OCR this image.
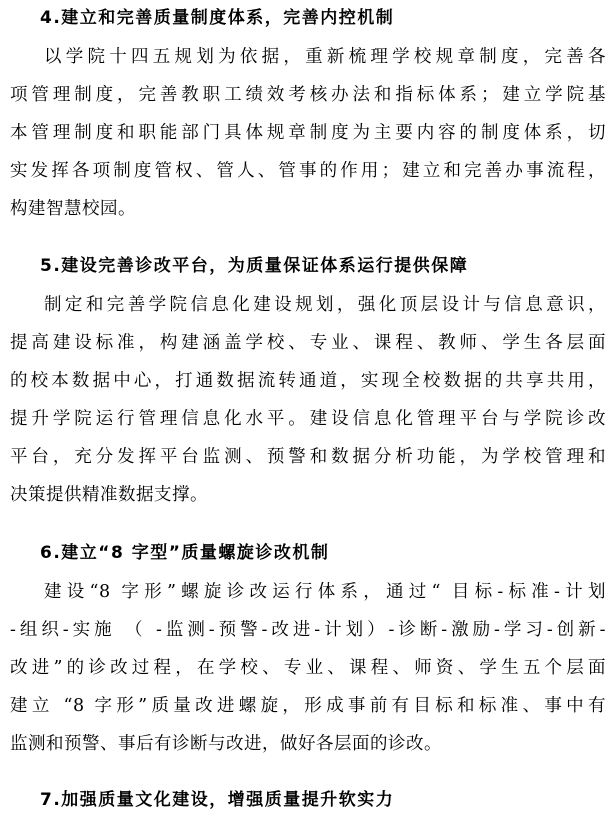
4.建立和完善质量制度体系，完善内控机制
以学院十四五规划为依据，重新梳理学校规章制度，完善各
项管理制度，完善教职工绩效考核办法和指标体系；建立学院基
本管理制度和职能部门具体规章制度为主要内容的制度体系，切
实发挥各项制度管权、管人、管事的作用；建立和完善办事流程，
构建智慧校园。
5.建设完善诊改平台，为质量保证体系运行提供保障
制定和完善学院信息化建设规划，强化顶层设计与信息意识，
提高建设标准，构建涵盖学校、专业、课程、教师、学生各层面
的校本数据中心，打通数据流转通道，实现全校数据的共享共用，
提升学院运行管理信息化水平。建设信息化管理平台与学院诊改
平台，充分发挥平台监测、预警和数据分析功能，为学校管理和
决策提供精准数据支撑。
6.建立“8 字型”质量螺旋诊改机制
建设“8 字形”螺旋诊改运行体系，通过“ 目标-标准-计划
-组织-实施 （ -监测-预警-改进-计划）-诊断-激励-学习-创新-
改进”的诊改过程，在学校、专业、课程、师资、学生五个层面
建立 “8 字形”质量改进螺旋，形成事前有目标和标准、事中有
监测和预警、事后有诊断与改进，做好各层面的诊改。
7.加强质量文化建设，增强质量提升软实力
